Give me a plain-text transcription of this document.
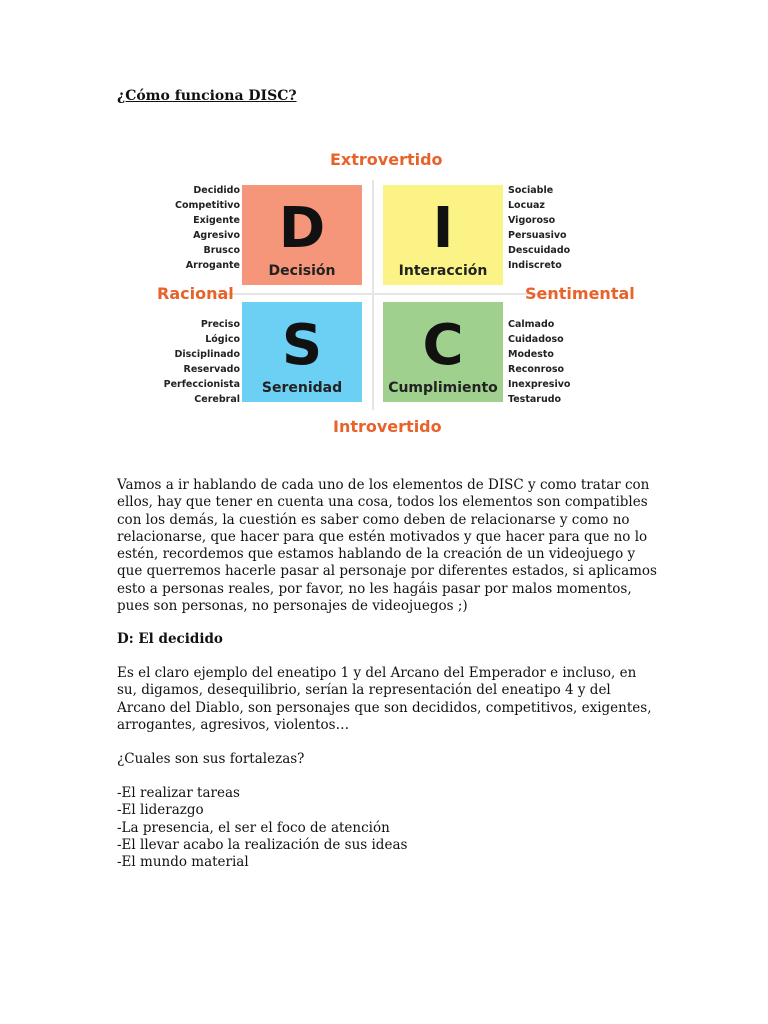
¿Cómo funciona DISC?
Extrovertido
Introvertido
Racional	Sentimental
Decidido
Competitivo
Exigente
Agresivo
Brusco
Arrogante
D
Decisión
I
Interacción
Sociable
Locuaz
Vigoroso
Persuasivo
Descuidado
Indiscreto
Preciso
Lógico
Disciplinado
Reservado
Perfeccionista
Cerebral
S
Serenidad
C
Cumplimiento
Calmado
Cuidadoso
Modesto
Reconroso
Inexpresivo
Testarudo
Vamos a ir hablando de cada uno de los elementos de DISC y como tratar con ellos, hay que tener en cuenta una cosa, todos los elementos son compatibles con los demás, la cuestión es saber como deben de relacionarse y como no relacionarse, que hacer para que estén motivados y que hacer para que no lo estén, recordemos que estamos hablando de la creación de un videojuego y que querremos hacerle pasar al personaje por diferentes estados, si aplicamos esto a personas reales, por favor, no les hagáis pasar por malos momentos, pues son personas, no personajes de videojuegos ;)
D: El decidido
Es el claro ejemplo del eneatipo 1 y del Arcano del Emperador e incluso, en su, digamos, desequilibrio, serían la representación del eneatipo 4 y del Arcano del Diablo, son personajes que son decididos, competitivos, exigentes, arrogantes, agresivos, violentos…
¿Cuales son sus fortalezas?
-El realizar tareas
-El liderazgo
-La presencia, el ser el foco de atención
-El llevar acabo la realización de sus ideas
-El mundo material
